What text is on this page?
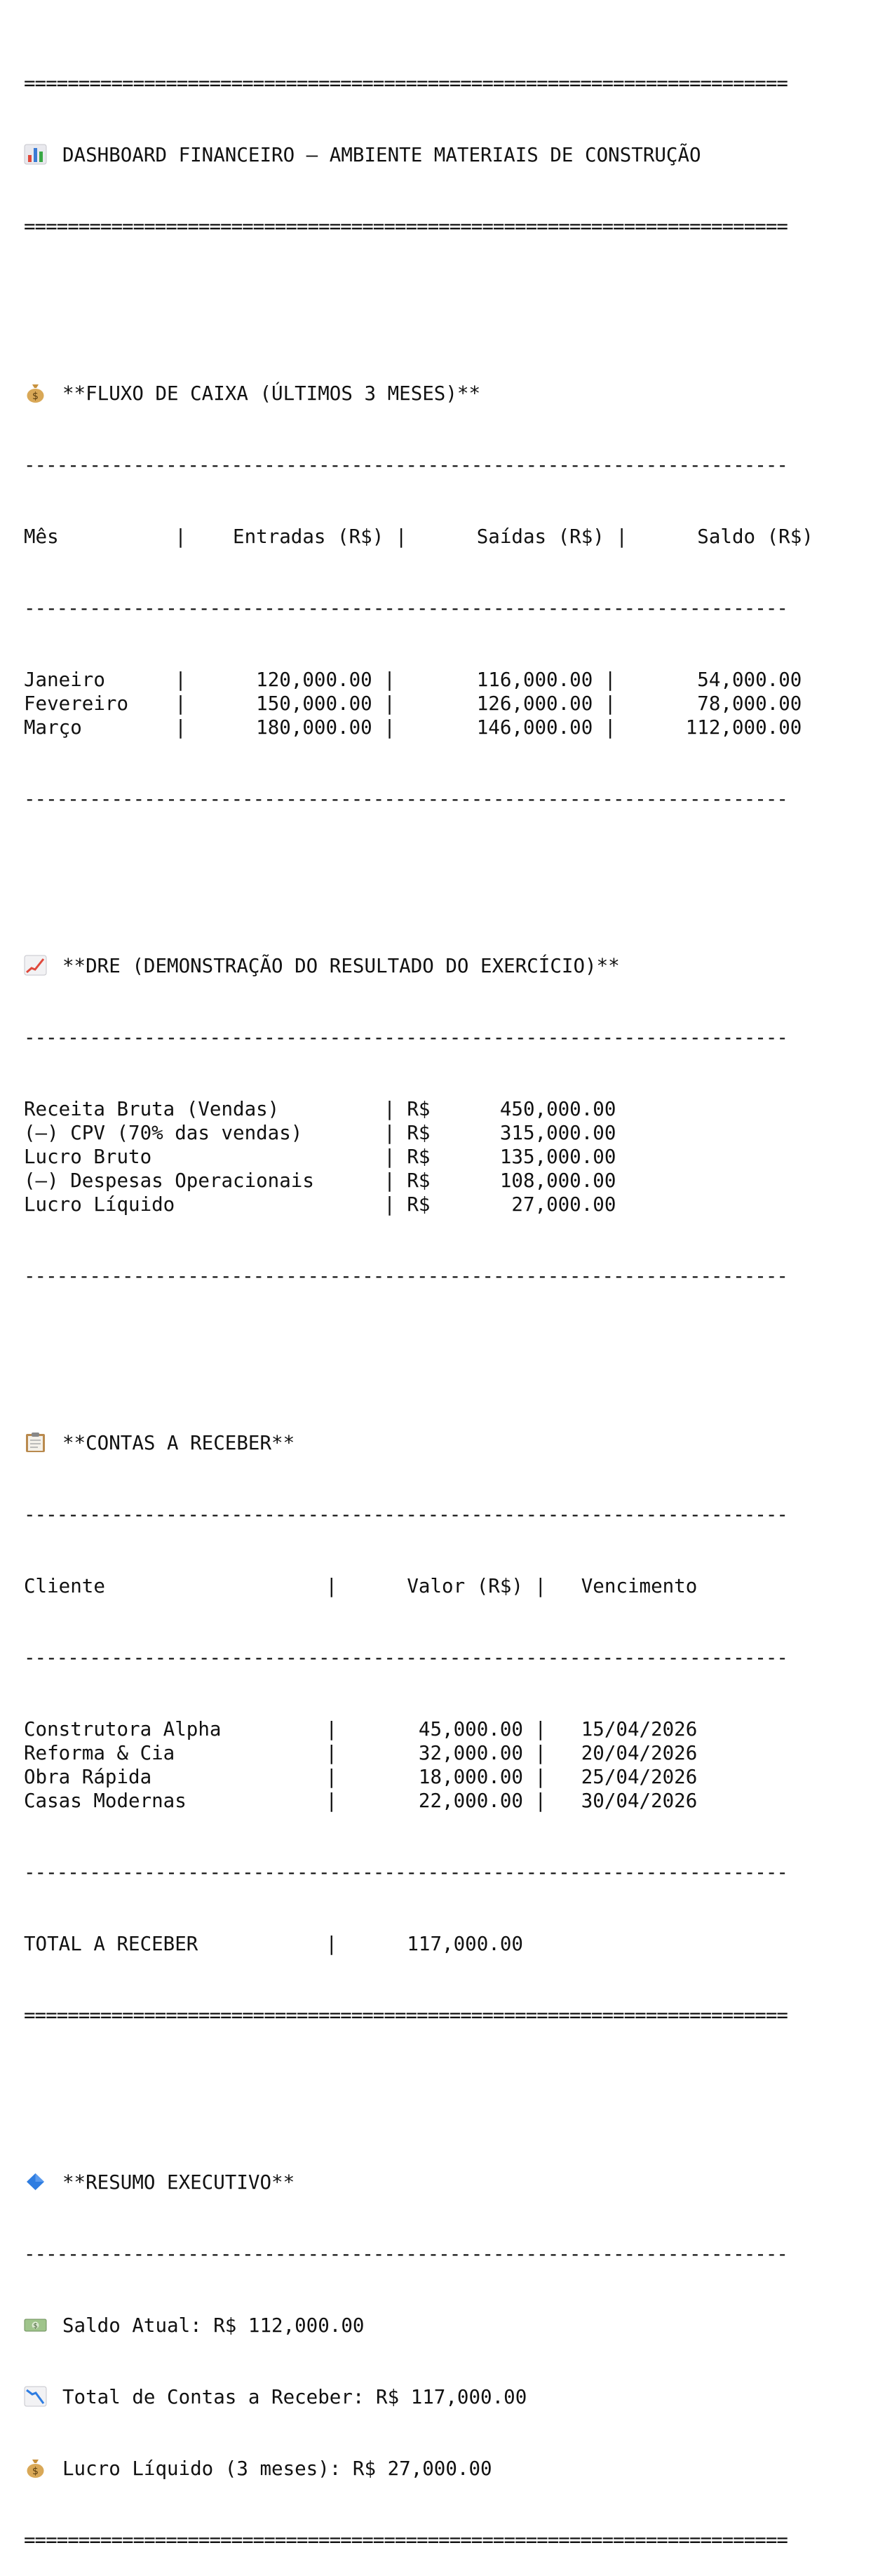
======================================================================

DASHBOARD FINANCEIRO – AMBIENTE MATERIAIS DE CONSTRUÇÃO

======================================================================

$ **FLUXO DE CAIXA (ÚLTIMOS 3 MESES)**

----------------------------------------------------------------------

Mês          |    Entradas (R$) |      Saídas (R$) |      Saldo (R$)

----------------------------------------------------------------------

Janeiro      |      120,000.00 |       116,000.00 |       54,000.00
Fevereiro    |      150,000.00 |       126,000.00 |       78,000.00
Março        |      180,000.00 |       146,000.00 |      112,000.00

----------------------------------------------------------------------

**DRE (DEMONSTRAÇÃO DO RESULTADO DO EXERCÍCIO)**

----------------------------------------------------------------------

Receita Bruta (Vendas)         | R$      450,000.00
(–) CPV (70% das vendas)       | R$      315,000.00
Lucro Bruto                    | R$      135,000.00
(–) Despesas Operacionais      | R$      108,000.00
Lucro Líquido                  | R$       27,000.00

----------------------------------------------------------------------

**CONTAS A RECEBER**

----------------------------------------------------------------------

Cliente                   |      Valor (R$) |   Vencimento

----------------------------------------------------------------------

Construtora Alpha         |       45,000.00 |   15/04/2026
Reforma & Cia             |       32,000.00 |   20/04/2026
Obra Rápida               |       18,000.00 |   25/04/2026
Casas Modernas            |       22,000.00 |   30/04/2026

----------------------------------------------------------------------

TOTAL A RECEBER           |      117,000.00

======================================================================

**RESUMO EXECUTIVO**

----------------------------------------------------------------------

$ Saldo Atual: R$ 112,000.00

Total de Contas a Receber: R$ 117,000.00

$ Lucro Líquido (3 meses): R$ 27,000.00

======================================================================
